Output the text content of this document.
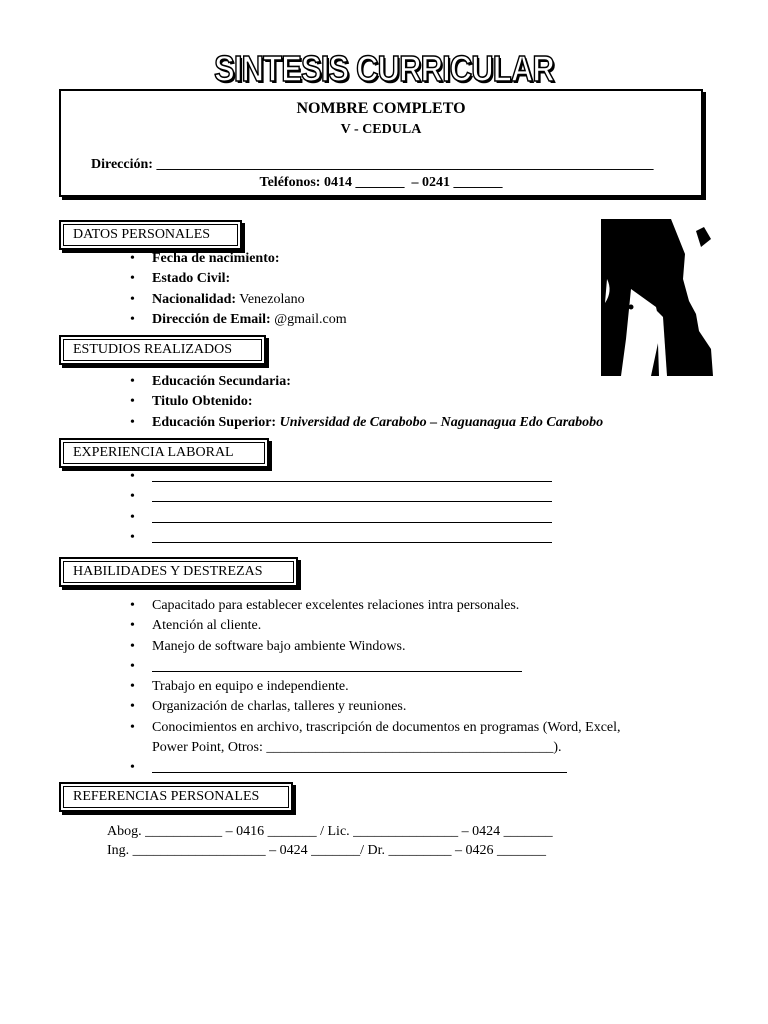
SINTESIS CURRICULAR
NOMBRE COMPLETO
V - CEDULA
Dirección: _______________________________________________________________________
Teléfonos: 0414 _______  – 0241 _______
DATOS PERSONALES
• Fecha de nacimiento:
• Estado Civil:
• Nacionalidad: Venezolano
• Dirección de Email: @gmail.com
ESTUDIOS REALIZADOS
• Educación Secundaria:
• Titulo Obtenido:
• Educación Superior: Universidad de Carabobo – Naguanagua Edo Carabobo
EXPERIENCIA LABORAL
•
•
•
•
HABILIDADES Y DESTREZAS
• Capacitado para establecer excelentes relaciones intra personales.
• Atención al cliente.
• Manejo de software bajo ambiente Windows.
•
• Trabajo en equipo e independiente.
• Organización de charlas, talleres y reuniones.
• Conocimientos en archivo, trascripción de documentos en programas (Word, Excel,
Power Point, Otros: _________________________________________).
•
REFERENCIAS PERSONALES
Abog. ___________ – 0416 _______ / Lic. _______________ – 0424 _______
Ing. ___________________ – 0424 _______/ Dr. _________ – 0426 _______
